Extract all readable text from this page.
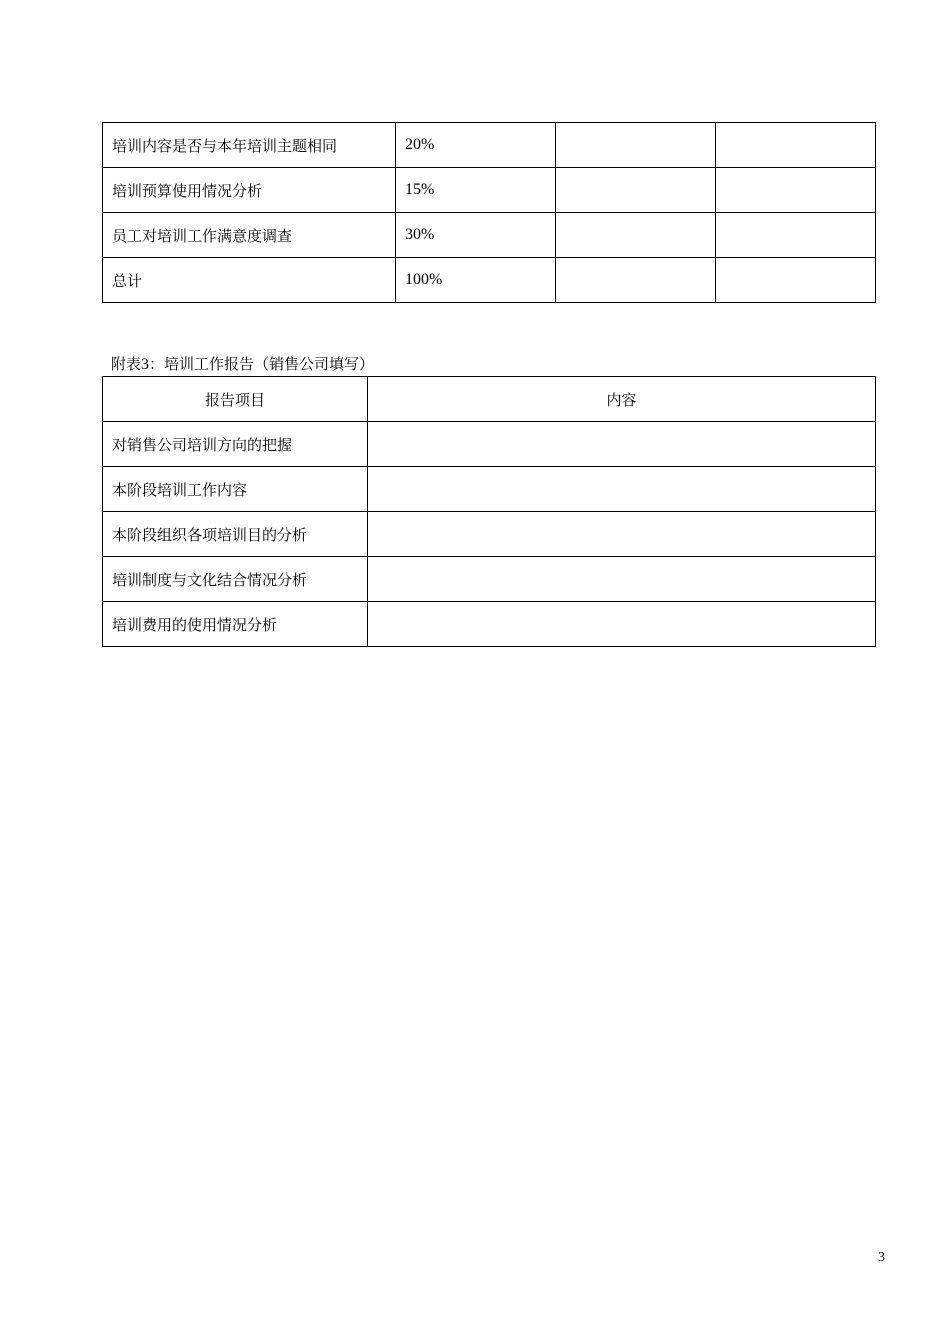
培训内容是否与本年培训主题相同	20%		
培训预算使用情况分析	15%		
员工对培训工作满意度调查	30%		
总计	100%		
附表3：培训工作报告（销售公司填写）
报告项目	内容
对销售公司培训方向的把握	
本阶段培训工作内容	
本阶段组织各项培训目的分析	
培训制度与文化结合情况分析	
培训费用的使用情况分析	
3
